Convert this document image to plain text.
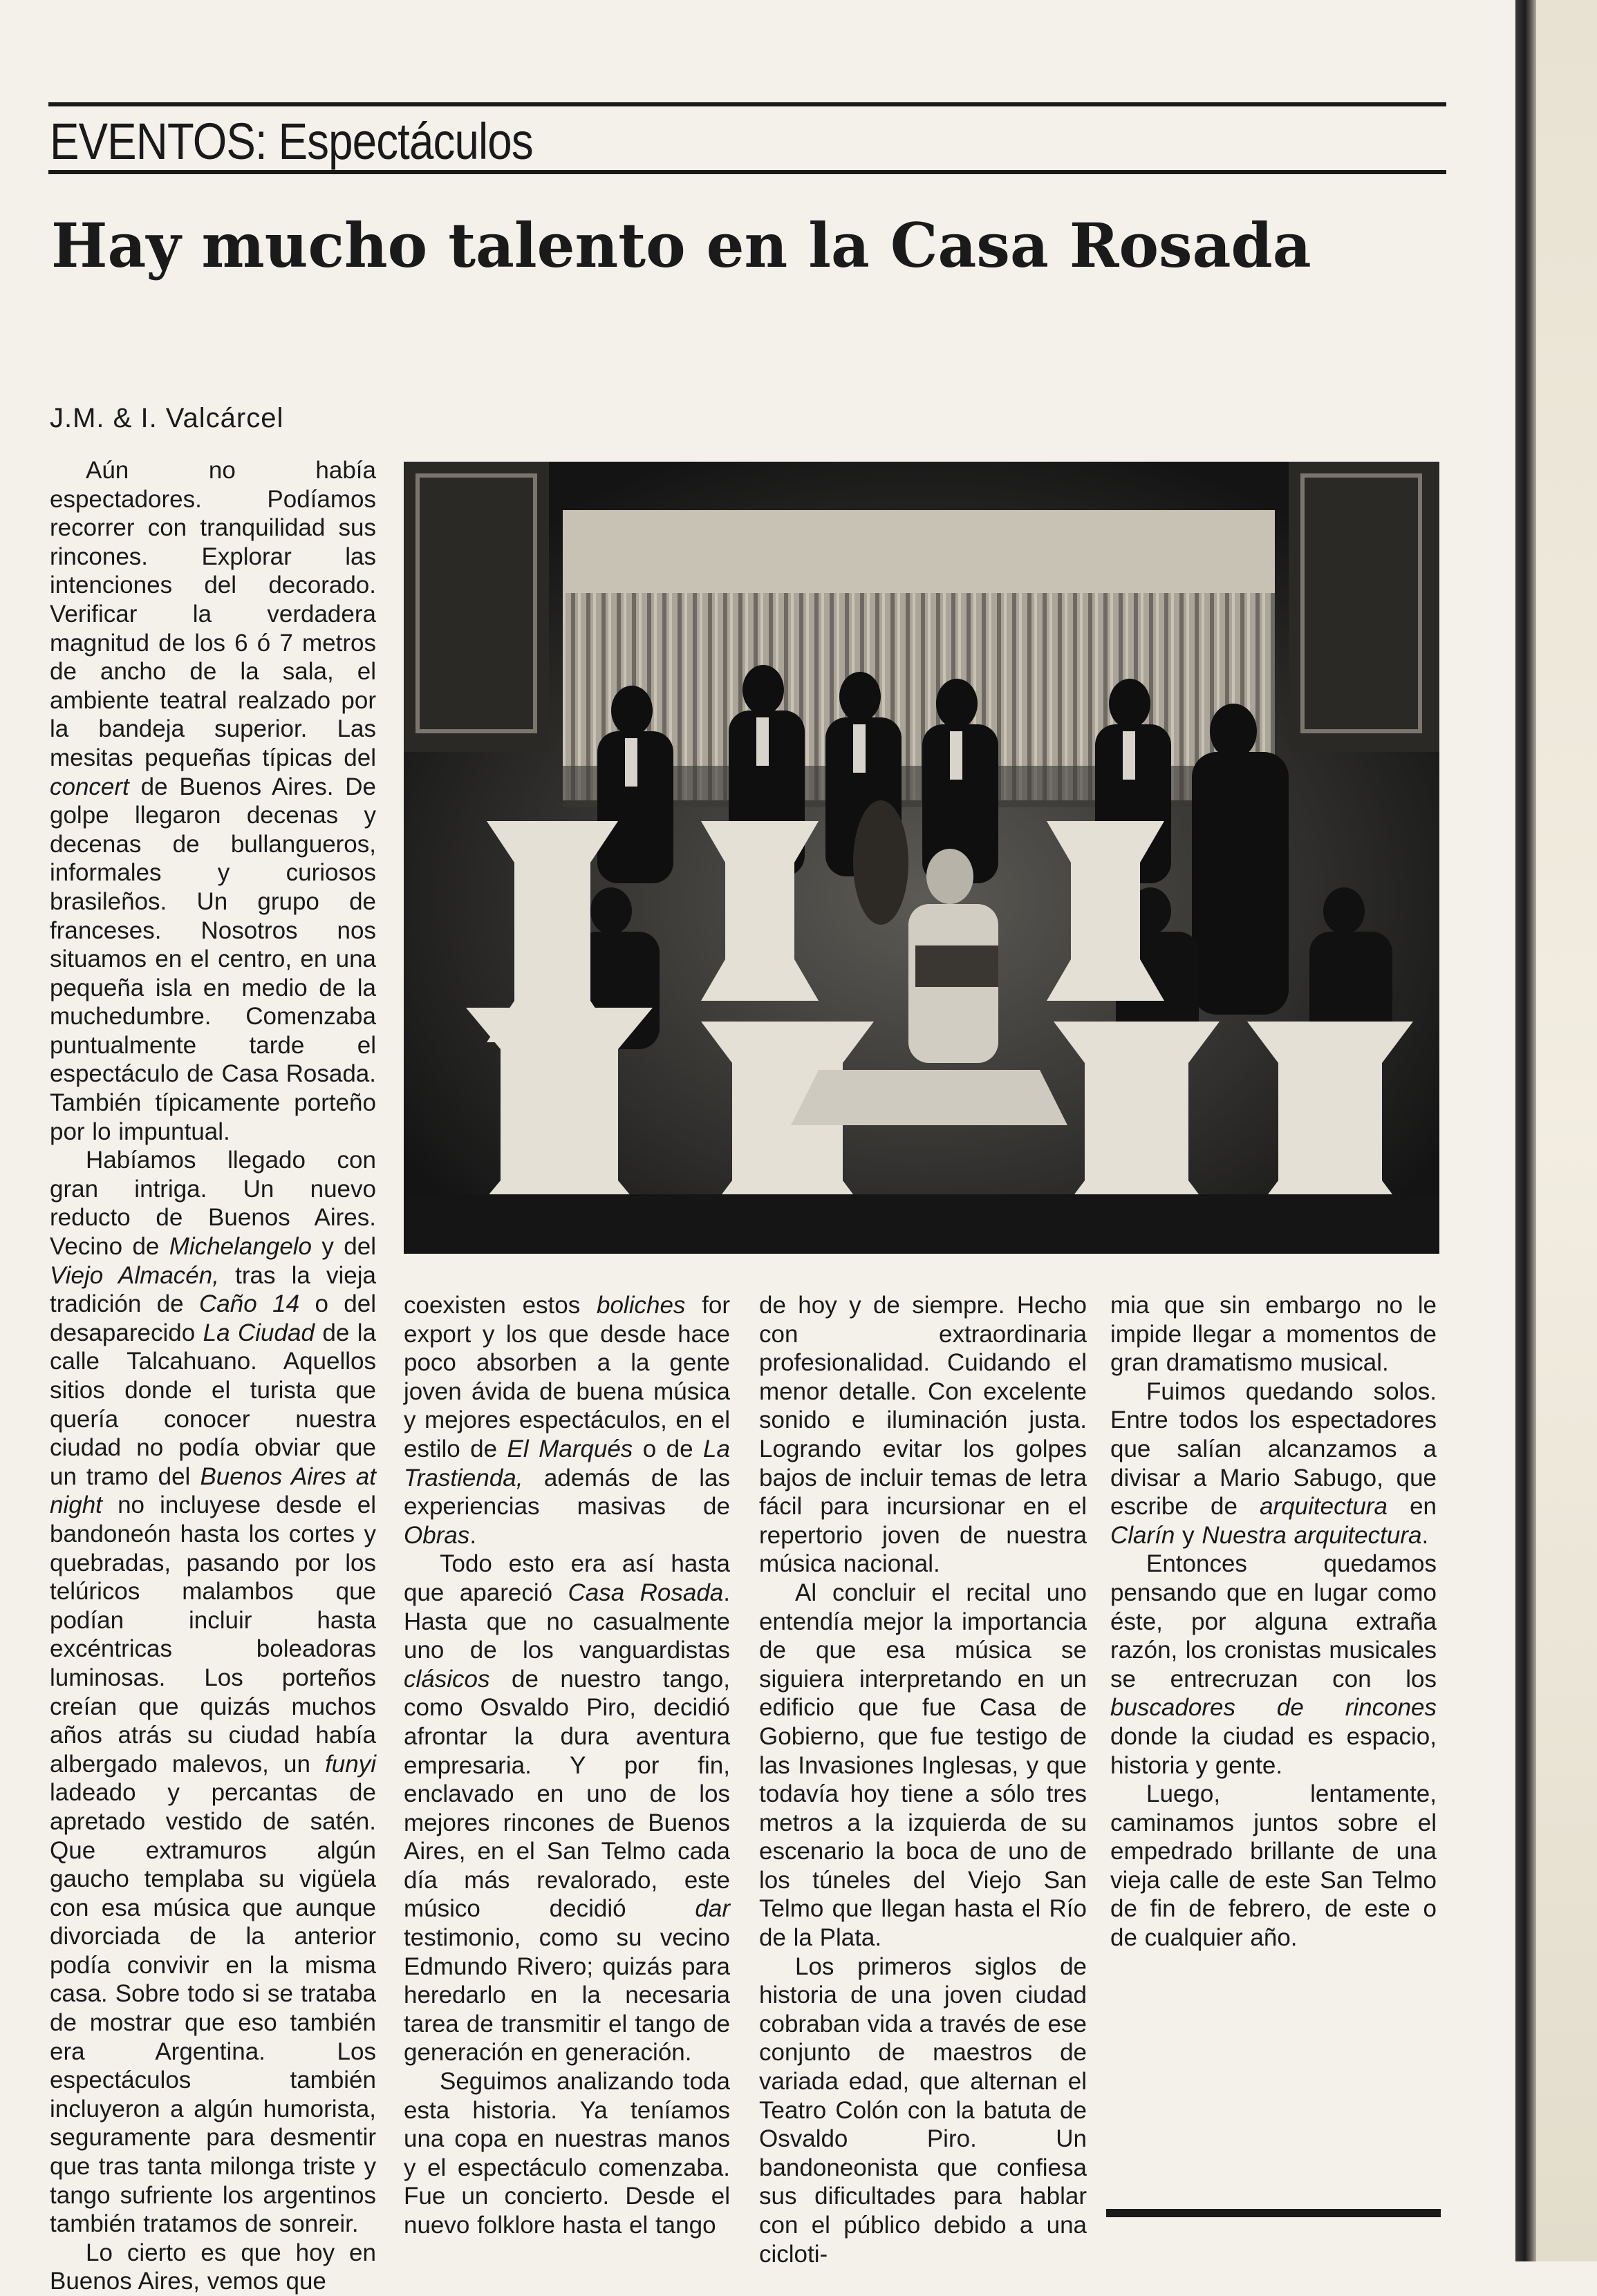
EVENTOS: Espectáculos
Hay mucho talento en la Casa Rosada
J.M. & I. Valcárcel

Aún no había espectadores. Podíamos recorrer con tranquilidad sus rincones. Explorar las intenciones del decorado. Verificar la verdadera magnitud de los 6 ó 7 metros de ancho de la sala, el ambiente teatral realzado por la bandeja superior. Las mesitas pequeñas típicas del concert de Buenos Aires. De golpe llegaron decenas y decenas de bullangueros, informales y curiosos brasileños. Un grupo de franceses. Nosotros nos situamos en el centro, en una pequeña isla en medio de la muchedumbre. Comenzaba puntualmente tarde el espectáculo de Casa Rosada. También típicamente porteño por lo impuntual.

Habíamos llegado con gran intriga. Un nuevo reducto de Buenos Aires. Vecino de Michelangelo y del Viejo Almacén, tras la vieja tradición de Caño 14 o del desaparecido La Ciudad de la calle Talcahuano. Aquellos sitios donde el turista que quería conocer nuestra ciudad no podía obviar que un tramo del Buenos Aires at night no incluyese desde el bandoneón hasta los cortes y quebradas, pasando por los telúricos malambos que podían incluir hasta excéntricas boleadoras luminosas. Los porteños creían que quizás muchos años atrás su ciudad había albergado malevos, un funyi ladeado y percantas de apretado vestido de satén. Que extramuros algún gaucho templaba su vigüela con esa música que aunque divorciada de la anterior podía convivir en la misma casa. Sobre todo si se trataba de mostrar que eso también era Argentina. Los espectáculos también incluyeron a algún humorista, seguramente para desmentir que tras tanta milonga triste y tango sufriente los argentinos también tratamos de sonreir.

Lo cierto es que hoy en Buenos Aires, vemos que

coexisten estos boliches for export y los que desde hace poco absorben a la gente joven ávida de buena música y mejores espectáculos, en el estilo de El Marqués o de La Trastienda, además de las experiencias masivas de Obras.

Todo esto era así hasta que apareció Casa Rosada. Hasta que no casualmente uno de los vanguardistas clásicos de nuestro tango, como Osvaldo Piro, decidió afrontar la dura aventura empresaria. Y por fin, enclavado en uno de los mejores rincones de Buenos Aires, en el San Telmo cada día más revalorado, este músico decidió dar testimonio, como su vecino Edmundo Rivero; quizás para heredarlo en la necesaria tarea de transmitir el tango de generación en generación.

Seguimos analizando toda esta historia. Ya teníamos una copa en nuestras manos y el espectáculo comenzaba. Fue un concierto. Desde el nuevo folklore hasta el tango

de hoy y de siempre. Hecho con extraordinaria profesionalidad. Cuidando el menor detalle. Con excelente sonido e iluminación justa. Logrando evitar los golpes bajos de incluir temas de letra fácil para incursionar en el repertorio joven de nuestra música nacional.

Al concluir el recital uno entendía mejor la importancia de que esa música se siguiera interpretando en un edificio que fue Casa de Gobierno, que fue testigo de las Invasiones Inglesas, y que todavía hoy tiene a sólo tres metros a la izquierda de su escenario la boca de uno de los túneles del Viejo San Telmo que llegan hasta el Río de la Plata.

Los primeros siglos de historia de una joven ciudad cobraban vida a través de ese conjunto de maestros de variada edad, que alternan el Teatro Colón con la batuta de Osvaldo Piro. Un bandoneonista que confiesa sus dificultades para hablar con el público debido a una cicloti-

mia que sin embargo no le impide llegar a momentos de gran dramatismo musical.

Fuimos quedando solos. Entre todos los espectadores que salían alcanzamos a divisar a Mario Sabugo, que escribe de arquitectura en Clarín y Nuestra arquitectura.

Entonces quedamos pensando que en lugar como éste, por alguna extraña razón, los cronistas musicales se entrecruzan con los buscadores de rincones donde la ciudad es espacio, historia y gente.

Luego, lentamente, caminamos juntos sobre el empedrado brillante de una vieja calle de este San Telmo de fin de febrero, de este o de cualquier año.
